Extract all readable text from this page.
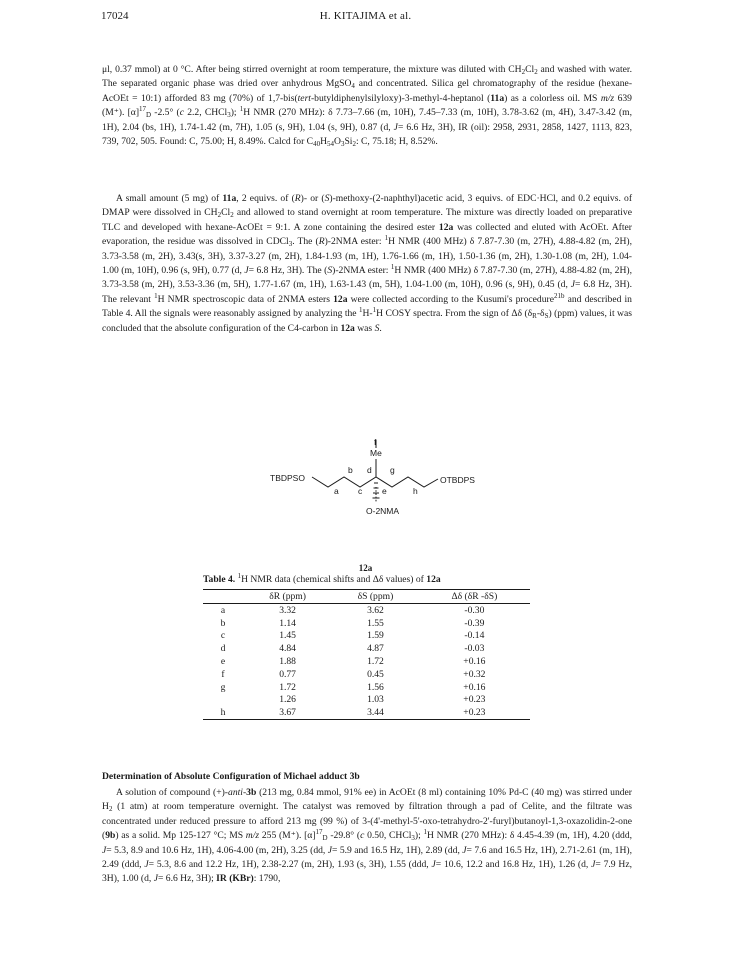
17024	H. KITAJIMA et al.

μl, 0.37 mmol) at 0 °C. After being stirred overnight at room temperature, the mixture was diluted with $CH_2Cl_2$ and washed with water. The separated organic phase was dried over anhydrous MgSO$_4$ and concentrated. Silica gel chromatography of the residue (hexane-AcOEt = 10:1) afforded 83 mg (70%) of 1,7-bis(tert-butyldiphenylsilyloxy)-3-methyl-4-heptanol (11a) as a colorless oil. MS m/z 639 (M⁺). $[\alpha]^{17}_D$ -2.5° (c 2.2, CHCl$_3$); $^1$H NMR (270 MHz): δ 7.73–7.66 (m, 10H), 7.45–7.33 (m, 10H), 3.78-3.62 (m, 4H), 3.47-3.42 (m, 1H), 2.04 (bs, 1H), 1.74-1.42 (m, 7H), 1.05 (s, 9H), 1.04 (s, 9H), 0.87 (d, J= 6.6 Hz, 3H), IR (oil): 2958, 2931, 2858, 1427, 1113, 823, 739, 702, 505. Found: C, 75.00; H, 8.49%. Calcd for $C_{40}H_{54}O_3Si_2$: C, 75.18; H, 8.52%.

A small amount (5 mg) of 11a, 2 equivs. of (R)- or (S)-methoxy-(2-naphthyl)acetic acid, 3 equivs. of EDC·HCl, and 0.2 equivs. of DMAP were dissolved in $CH_2Cl_2$ and allowed to stand overnight at room temperature. The mixture was directly loaded on preparative TLC and developed with hexane-AcOEt = 9:1. A zone containing the desired ester 12a was collected and eluted with AcOEt. After evaporation, the residue was dissolved in CDCl$_3$. The (R)-2NMA ester: $^1$H NMR (400 MHz) δ 7.87-7.30 (m, 27H), 4.88-4.82 (m, 2H), 3.73-3.58 (m, 2H), 3.43(s, 3H), 3.37-3.27 (m, 2H), 1.84-1.93 (m, 1H), 1.76-1.66 (m, 1H), 1.50-1.36 (m, 2H), 1.30-1.08 (m, 2H), 1.04-1.00 (m, 10H), 0.96 (s, 9H), 0.77 (d, J= 6.8 Hz, 3H). The (S)-2NMA ester: $^1$H NMR (400 MHz) δ 7.87-7.30 (m, 27H), 4.88-4.82 (m, 2H), 3.73-3.58 (m, 2H), 3.53-3.36 (m, 5H), 1.77-1.67 (m, 1H), 1.63-1.43 (m, 5H), 1.04-1.00 (m, 10H), 0.96 (s, 9H), 0.45 (d, J= 6.8 Hz, 3H). The relevant $^1$H NMR spectroscopic data of 2NMA esters 12a were collected according to the Kusumi's procedure$^{21b}$ and described in Table 4. All the signals were reasonably assigned by analyzing the $^1$H-$^1$H COSY spectra. From the sign of Δδ $(\delta_R-\delta_S)$ (ppm) values, it was concluded that the absolute configuration of the C4-carbon in 12a was S.

TBDPSO	OTBDPS
Me
O-2NMA
a
b
c
d
e
f
g
h
12a
Table 4. $^1$H NMR data (chemical shifts and Δδ values) of 12a
	δR (ppm)	δS (ppm)	Δδ (δR -δS)
a	3.32	3.62	-0.30
b	1.14	1.55	-0.39
c	1.45	1.59	-0.14
d	4.84	4.87	-0.03
e	1.88	1.72	+0.16
f	0.77	0.45	+0.32
g	1.72	1.56	+0.16
	1.26	1.03	+0.23
h	3.67	3.44	+0.23
Determination of Absolute Configuration of Michael adduct 3b

A solution of compound (+)-anti-3b (213 mg, 0.84 mmol, 91% ee) in AcOEt (8 ml) containing 10% Pd-C (40 mg) was stirred under $H_2$ (1 atm) at room temperature overnight. The catalyst was removed by filtration through a pad of Celite, and the filtrate was concentrated under reduced pressure to afford 213 mg (99 %) of 3-(4'-methyl-5'-oxo-tetrahydro-2'-furyl)butanoyl-1,3-oxazolidin-2-one (9b) as a solid. Mp 125-127 °C; MS m/z 255 (M⁺). $[\alpha]^{17}_D$ -29.8° (c 0.50, CHCl$_3$); $^1$H NMR (270 MHz): δ 4.45-4.39 (m, 1H), 4.20 (ddd, J= 5.3, 8.9 and 10.6 Hz, 1H), 4.06-4.00 (m, 2H), 3.25 (dd, J= 5.9 and 16.5 Hz, 1H), 2.89 (dd, J= 7.6 and 16.5 Hz, 1H), 2.71-2.61 (m, 1H), 2.49 (ddd, J= 5.3, 8.6 and 12.2 Hz, 1H), 2.38-2.27 (m, 2H), 1.93 (s, 3H), 1.55 (ddd, J= 10.6, 12.2 and 16.8 Hz, 1H), 1.26 (d, J= 7.9 Hz, 3H), 1.00 (d, J= 6.6 Hz, 3H); IR (KBr): 1790,
